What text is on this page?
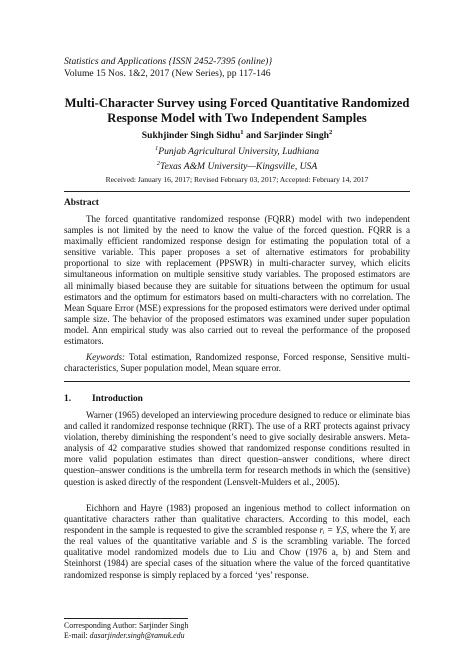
Statistics and Applications {ISSN 2452-7395 (online)}
Volume 15 Nos. 1&2, 2017 (New Series), pp 117-146
Multi-Character Survey using Forced Quantitative Randomized Response Model with Two Independent Samples
Sukhjinder Singh Sidhu$^1$ and Sarjinder Singh$^2$
$^1$Punjab Agricultural University, Ludhiana
$^2$Texas A&M University—Kingsville, USA
Received: January 16, 2017; Revised February 03, 2017; Accepted: February 14, 2017
Abstract
The forced quantitative randomized response (FQRR) model with two independent samples is not limited by the need to know the value of the forced question. FQRR is a maximally efficient randomized response design for estimating the population total of a sensitive variable. This paper proposes a set of alternative estimators for probability proportional to size with replacement (PPSWR) in multi-character survey, which elicits simultaneous information on multiple sensitive study variables. The proposed estimators are all minimally biased because they are suitable for situations between the optimum for usual estimators and the optimum for estimators based on multi-characters with no correlation. The Mean Square Error (MSE) expressions for the proposed estimators were derived under optimal sample size. The behavior of the proposed estimators was examined under super population model. Ann empirical study was also carried out to reveal the performance of the proposed estimators.
Keywords: Total estimation, Randomized response, Forced response, Sensitive multi-characteristics, Super population model, Mean square error.
1. Introduction
Warner (1965) developed an interviewing procedure designed to reduce or eliminate bias and called it randomized response technique (RRT). The use of a RRT protects against privacy violation, thereby diminishing the respondent’s need to give socially desirable answers. Meta-analysis of 42 comparative studies showed that randomized response conditions resulted in more valid population estimates than direct question–answer conditions, where direct question–answer conditions is the umbrella term for research methods in which the (sensitive) question is asked directly of the respondent (Lensvelt-Mulders et al., 2005).
Eichhorn and Hayre (1983) proposed an ingenious method to collect information on quantitative characters rather than qualitative characters. According to this model, each respondent in the sample is requested to give the scrambled response rᵢ = YᵢS, where the Yᵢ are the real values of the quantitative variable and S is the scrambling variable. The forced qualitative model randomized models due to Liu and Chow (1976 a, b) and Stem and Steinhorst (1984) are special cases of the situation where the value of the forced quantitative randomized response is simply replaced by a forced ‘yes’ response.
Corresponding Author: Sarjinder Singh
E-mail: dasarjinder.singh@tamuk.edu
